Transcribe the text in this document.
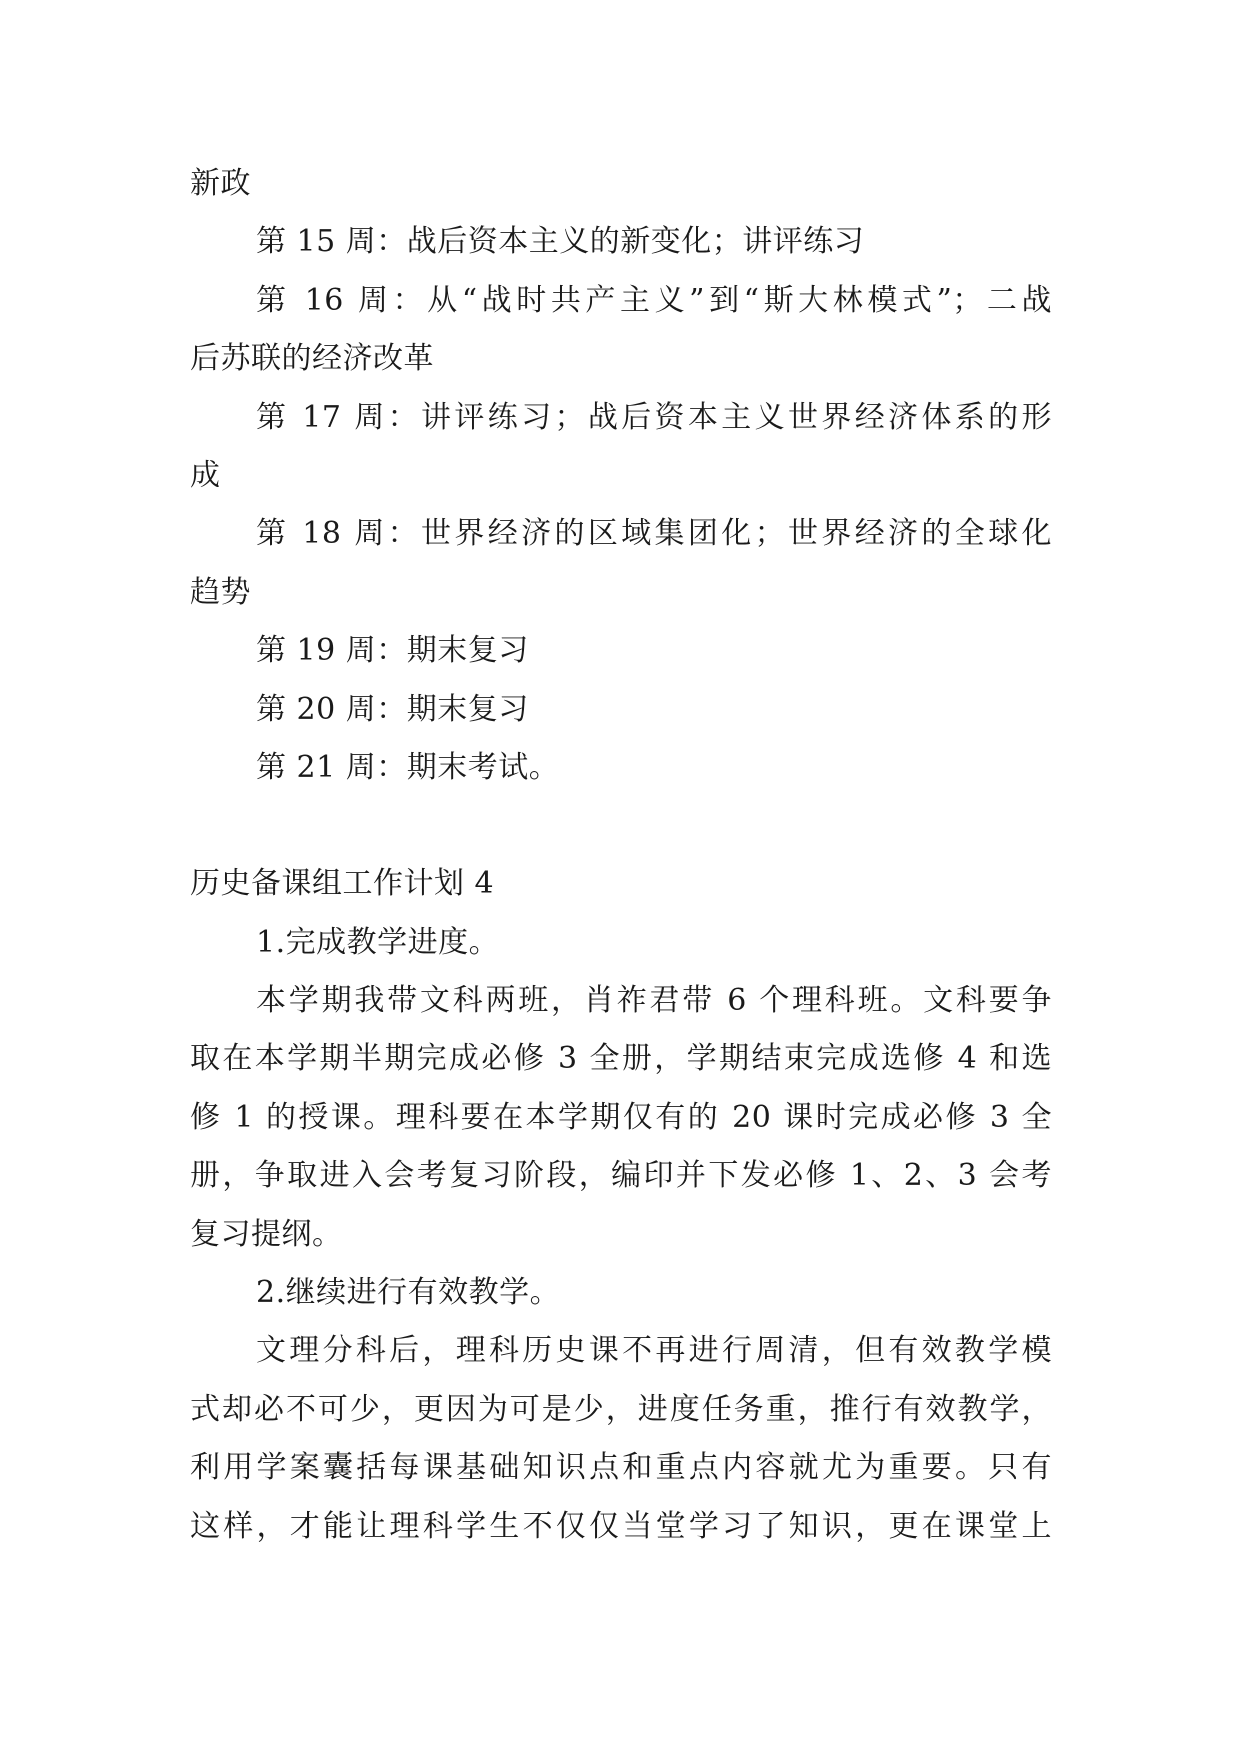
新政
第 15 周：战后资本主义的新变化；讲评练习
第 16 周：从“战时共产主义”到“斯大林模式”；二战
后苏联的经济改革
第 17 周：讲评练习；战后资本主义世界经济体系的形
成
第 18 周：世界经济的区域集团化；世界经济的全球化
趋势
第 19 周：期末复习
第 20 周：期末复习
第 21 周：期末考试。
历史备课组工作计划 4
1.完成教学进度。
本学期我带文科两班，肖祚君带 6 个理科班。文科要争
取在本学期半期完成必修 3 全册，学期结束完成选修 4 和选
修 1 的授课。理科要在本学期仅有的 20 课时完成必修 3 全
册，争取进入会考复习阶段，编印并下发必修 1、2、3 会考
复习提纲。
2.继续进行有效教学。
文理分科后，理科历史课不再进行周清，但有效教学模
式却必不可少，更因为可是少，进度任务重，推行有效教学，
利用学案囊括每课基础知识点和重点内容就尤为重要。只有
这样，才能让理科学生不仅仅当堂学习了知识，更在课堂上
